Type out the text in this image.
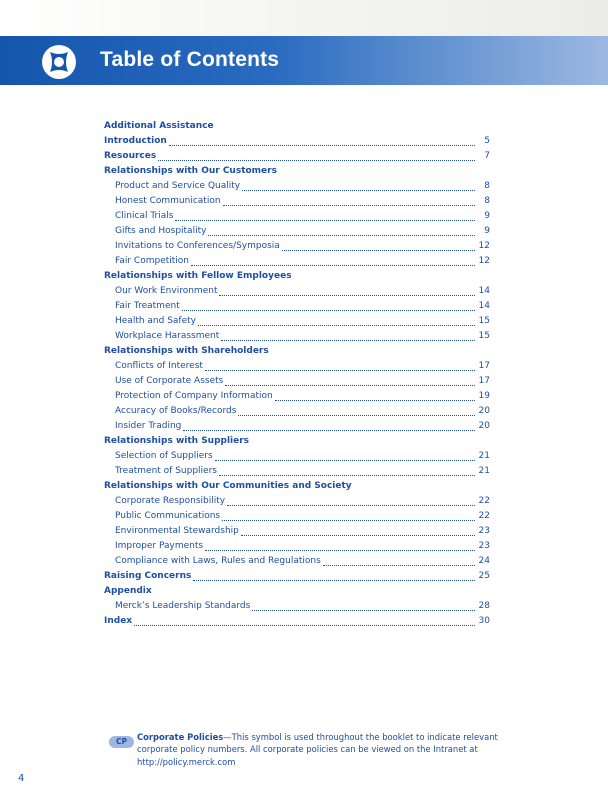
Table of Contents
Additional Assistance
Introduction	5
Resources	7
Relationships with Our Customers
Product and Service Quality	8
Honest Communication	8
Clinical Trials	9
Gifts and Hospitality	9
Invitations to Conferences/Symposia	12
Fair Competition	12
Relationships with Fellow Employees
Our Work Environment	14
Fair Treatment	14
Health and Safety	15
Workplace Harassment	15
Relationships with Shareholders
Conflicts of Interest	17
Use of Corporate Assets	17
Protection of Company Information	19
Accuracy of Books/Records	20
Insider Trading	20
Relationships with Suppliers
Selection of Suppliers	21
Treatment of Suppliers	21
Relationships with Our Communities and Society
Corporate Responsibility	22
Public Communications	22
Environmental Stewardship	23
Improper Payments	23
Compliance with Laws, Rules and Regulations	24
Raising Concerns	25
Appendix
Merck’s Leadership Standards	28
Index	30
CP	Corporate Policies—This symbol is used throughout the booklet to indicate relevant corporate policy numbers. All corporate policies can be viewed on the Intranet at http://policy.merck.com
4
